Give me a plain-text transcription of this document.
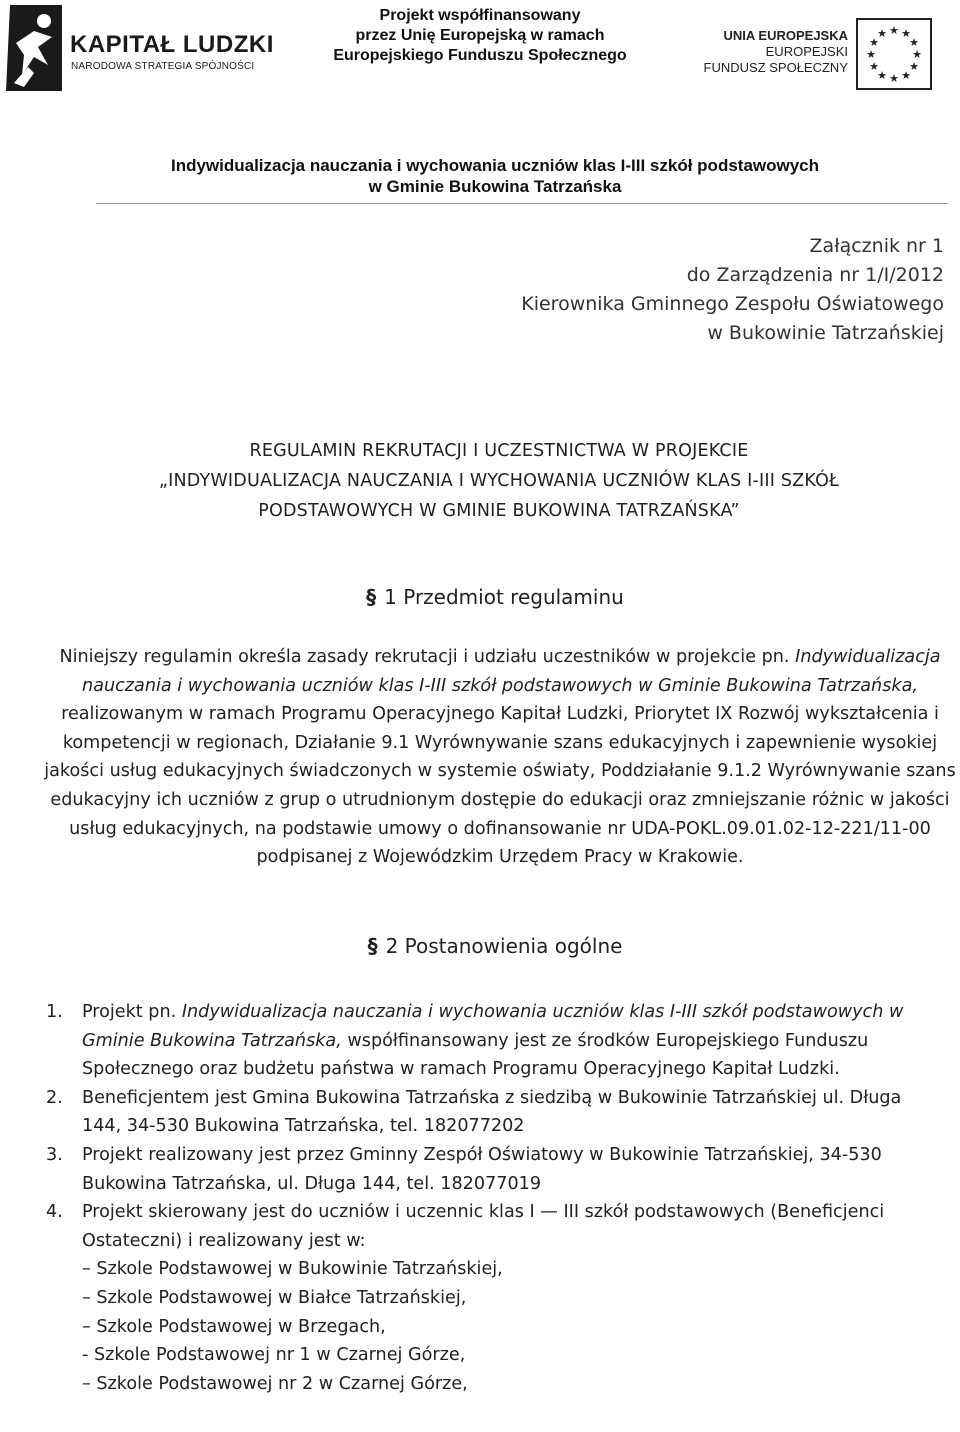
KAPITAŁ LUDZKI
NARODOWA STRATEGIA SPÓJNOŚCI
Projekt współfinansowany
przez Unię Europejską w ramach
Europejskiego Funduszu Społecznego
UNIA EUROPEJSKA
EUROPEJSKI
FUNDUSZ SPOŁECZNY
★ ★
★
★
★
★
★
★
★
★
★
★
Indywidualizacja nauczania i wychowania uczniów klas I-III szkół podstawowych
w Gminie Bukowina Tatrzańska
Załącznik nr 1
do Zarządzenia nr 1/I/2012
Kierownika Gminnego Zespołu Oświatowego
w Bukowinie Tatrzańskiej
REGULAMIN REKRUTACJI I UCZESTNICTWA W PROJEKCIE
„INDYWIDUALIZACJA NAUCZANIA I WYCHOWANIA UCZNIÓW KLAS I-III SZKÓŁ
PODSTAWOWYCH W GMINIE BUKOWINA TATRZAŃSKA”
§ 1 Przedmiot regulaminu
Niniejszy regulamin określa zasady rekrutacji i udziału uczestników w projekcie pn. Indywidualizacja nauczania i wychowania uczniów klas I-III szkół podstawowych w Gminie Bukowina Tatrzańska, realizowanym w ramach Programu Operacyjnego Kapitał Ludzki, Priorytet IX Rozwój wykształcenia i kompetencji w regionach, Działanie 9.1 Wyrównywanie szans edukacyjnych i zapewnienie wysokiej jakości usług edukacyjnych świadczonych w systemie oświaty, Poddziałanie 9.1.2 Wyrównywanie szans edukacyjny ich uczniów z grup o utrudnionym dostępie do edukacji oraz zmniejszanie różnic w jakości usług edukacyjnych, na podstawie umowy o dofinansowanie nr UDA-POKL.09.01.02-12-221/11-00 podpisanej z Wojewódzkim Urzędem Pracy w Krakowie.
§ 2 Postanowienia ogólne
1. Projekt pn. Indywidualizacja nauczania i wychowania uczniów klas I-III szkół podstawowych w Gminie Bukowina Tatrzańska, współfinansowany jest ze środków Europejskiego Funduszu Społecznego oraz budżetu państwa w ramach Programu Operacyjnego Kapitał Ludzki.
2. Beneficjentem jest Gmina Bukowina Tatrzańska z siedzibą w Bukowinie Tatrzańskiej ul. Długa 144, 34-530 Bukowina Tatrzańska, tel. 182077202
3. Projekt realizowany jest przez Gminny Zespół Oświatowy w Bukowinie Tatrzańskiej, 34-530 Bukowina Tatrzańska, ul. Długa 144, tel. 182077019
4. Projekt skierowany jest do uczniów i uczennic klas I — III szkół podstawowych (Beneficjenci Ostateczni) i realizowany jest w:
– Szkole Podstawowej w Bukowinie Tatrzańskiej,
– Szkole Podstawowej w Białce Tatrzańskiej,
– Szkole Podstawowej w Brzegach,
- Szkole Podstawowej nr 1 w Czarnej Górze,
– Szkole Podstawowej nr 2 w Czarnej Górze,
